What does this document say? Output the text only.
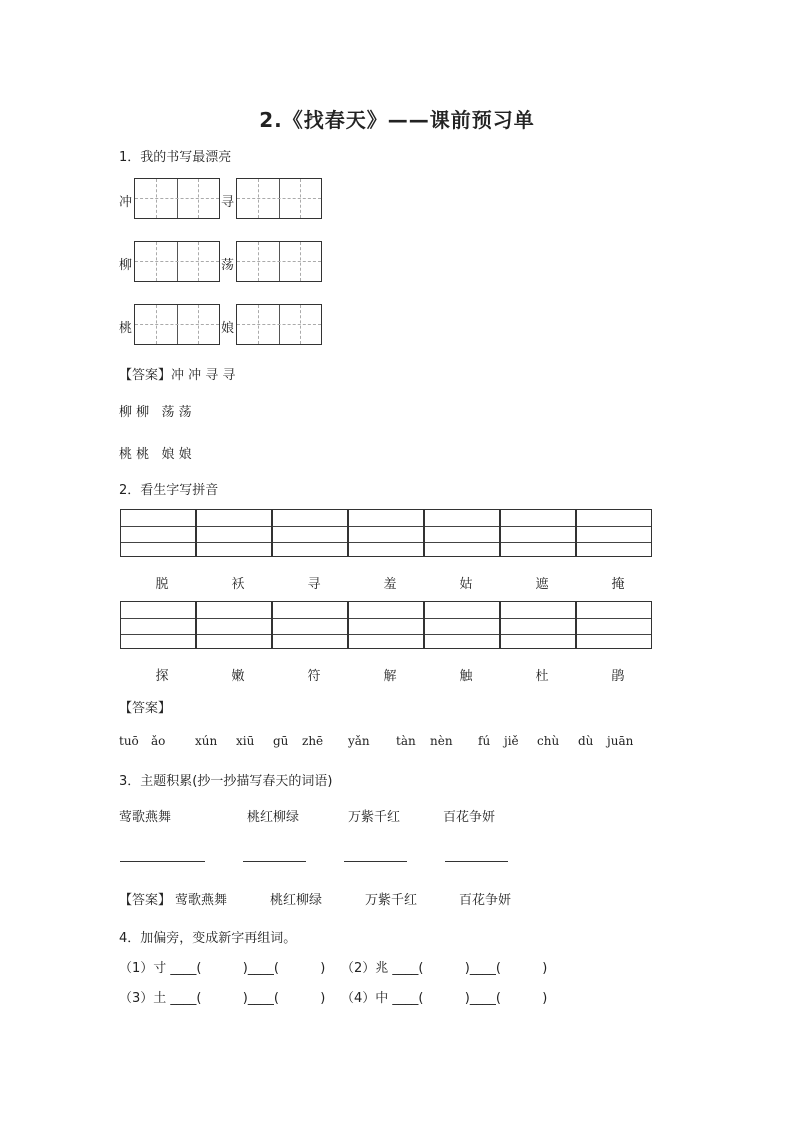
2.《找春天》——课前预习单
1．我的书写最漂亮
冲	寻
柳	荡
桃	娘
【答案】冲 冲 寻 寻
柳 柳   荡 荡
桃 桃   娘 娘
2．看生字写拼音
脱	袄	寻	羞	姑	遮	掩
探	嫩	符	解	触	杜	鹃
【答案】
tuō ǎo xún xiū gū zhē yǎn tàn nèn fú jiě chù dù juān
3．主题积累(抄一抄描写春天的词语)
莺歌燕舞	桃红柳绿	万紫千红	百花争妍
【答案】 莺歌燕舞	桃红柳绿	万紫千红	百花争妍
4．加偏旁，变成新字再组词。
（1）寸 ____(          )____(          ) （2）兆 ____(          )____(          )
（3）土 ____(          )____(          ) （4）中 ____(          )____(          )
